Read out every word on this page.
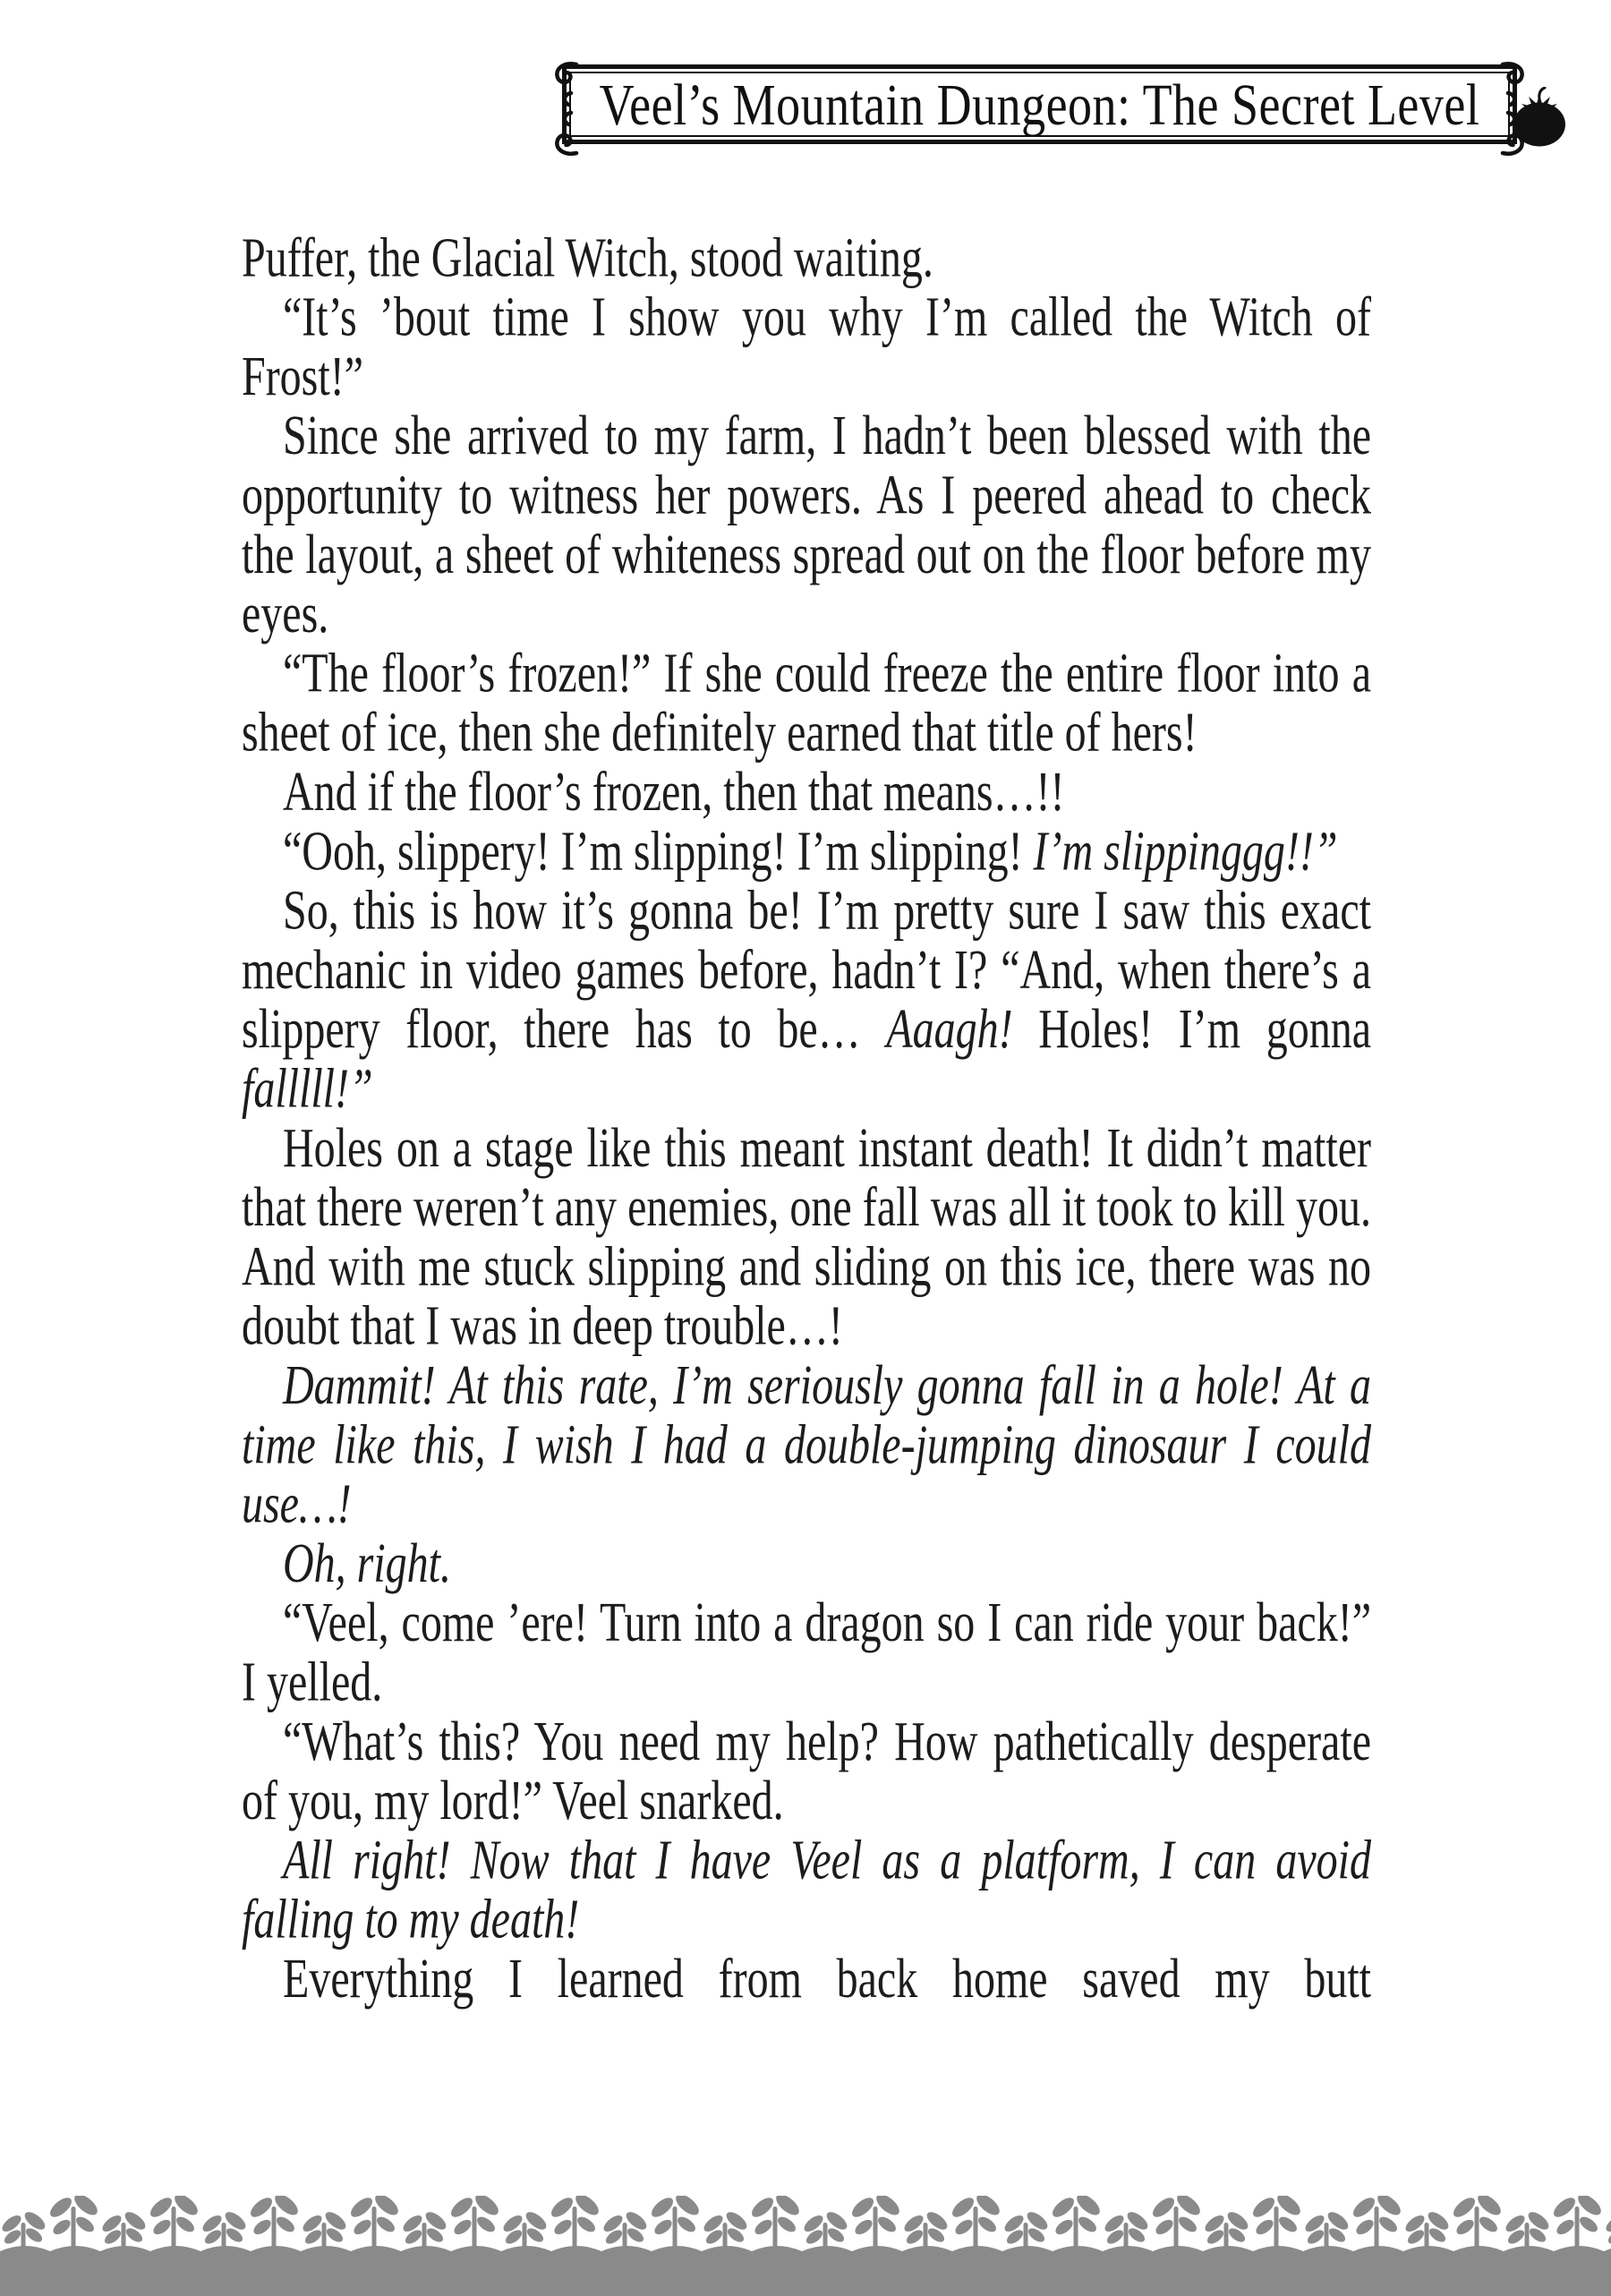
Veel’s Mountain Dungeon: The Secret Level

Puffer, the Glacial Witch, stood waiting.

“It’s ’bout time I show you why I’m called the Witch of Frost!”

Since she arrived to my farm, I hadn’t been blessed with the opportunity to witness her powers. As I peered ahead to check the layout, a sheet of whiteness spread out on the floor before my eyes.

“The floor’s frozen!” If she could freeze the entire floor into a sheet of ice, then she definitely earned that title of hers!

And if the floor’s frozen, then that means…!!

“Ooh, slippery! I’m slipping! I’m slipping! I’m slippinggg!!”

So, this is how it’s gonna be! I’m pretty sure I saw this exact mechanic in video games before, hadn’t I? “And, when there’s a slippery floor, there has to be… Aaagh! Holes! I’m gonna falllll!”

Holes on a stage like this meant instant death! It didn’t matter that there weren’t any enemies, one fall was all it took to kill you. And with me stuck slipping and sliding on this ice, there was no doubt that I was in deep trouble…!

Dammit! At this rate, I’m seriously gonna fall in a hole! At a time like this, I wish I had a double-jumping dinosaur I could use…!

Oh, right.

“Veel, come ’ere! Turn into a dragon so I can ride your back!” I yelled.

“What’s this? You need my help? How pathetically desperate of you, my lord!” Veel snarked.

All right! Now that I have Veel as a platform, I can avoid falling to my death!

Everything I learned from back home saved my butt
